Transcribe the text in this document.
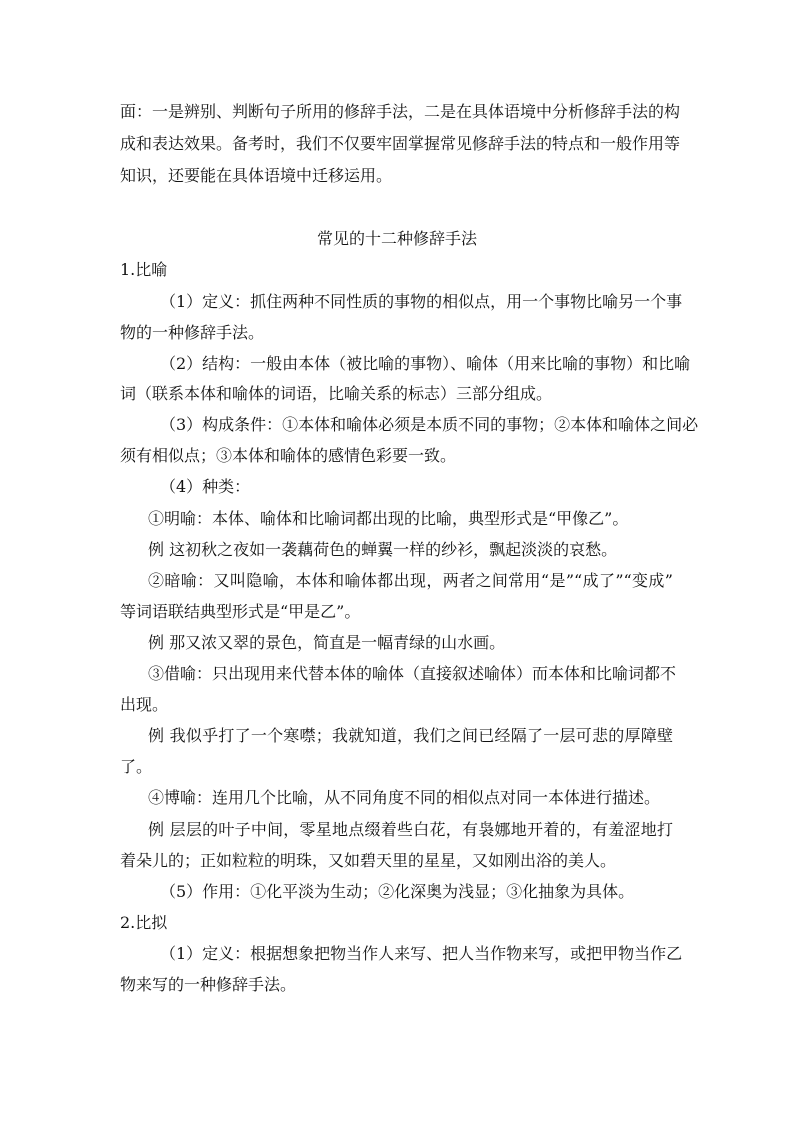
面：一是辨别、判断句子所用的修辞手法，二是在具体语境中分析修辞手法的构
成和表达效果。备考时，我们不仅要牢固掌握常见修辞手法的特点和一般作用等
知识，还要能在具体语境中迁移运用。
常见的十二种修辞手法
1.比喻
（1）定义：抓住两种不同性质的事物的相似点，用一个事物比喻另一个事
物的一种修辞手法。
（2）结构：一般由本体（被比喻的事物）、喻体（用来比喻的事物）和比喻
词（联系本体和喻体的词语，比喻关系的标志）三部分组成。
（3）构成条件：①本体和喻体必须是本质不同的事物；②本体和喻体之间必
须有相似点；③本体和喻体的感情色彩要一致。
（4）种类：
①明喻：本体、喻体和比喻词都出现的比喻，典型形式是“甲像乙”。
例 这初秋之夜如一袭藕荷色的蝉翼一样的纱衫，飘起淡淡的哀愁。
②暗喻：又叫隐喻，本体和喻体都出现，两者之间常用“是”“成了”“变成”
等词语联结典型形式是“甲是乙”。
例 那又浓又翠的景色，简直是一幅青绿的山水画。
③借喻：只出现用来代替本体的喻体（直接叙述喻体）而本体和比喻词都不
出现。
例 我似乎打了一个寒噤；我就知道，我们之间已经隔了一层可悲的厚障壁
了。
④博喻：连用几个比喻，从不同角度不同的相似点对同一本体进行描述。
例 层层的叶子中间，零星地点缀着些白花，有袅娜地开着的，有羞涩地打
着朵儿的；正如粒粒的明珠，又如碧天里的星星，又如刚出浴的美人。
（5）作用：①化平淡为生动；②化深奥为浅显；③化抽象为具体。
2.比拟
（1）定义：根据想象把物当作人来写、把人当作物来写，或把甲物当作乙
物来写的一种修辞手法。
